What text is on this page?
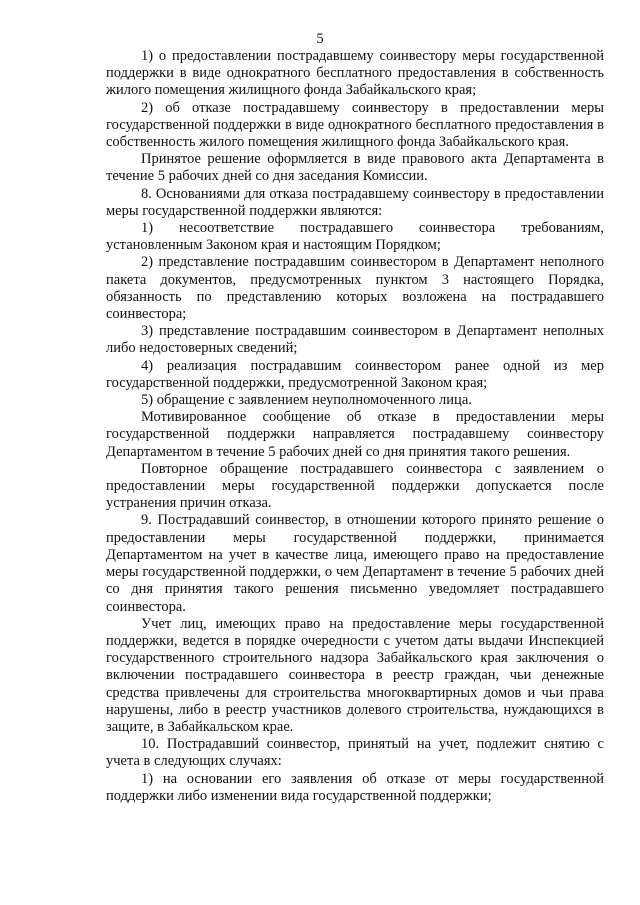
5

1) о предоставлении пострадавшему соинвестору меры государственной поддержки в виде однократного бесплатного предоставления в собственность жилого помещения жилищного фонда Забайкальского края;

2) об отказе пострадавшему соинвестору в предоставлении меры государственной поддержки в виде однократного бесплатного предоставления в собственность жилого помещения жилищного фонда Забайкальского края.

Принятое решение оформляется в виде правового акта Департамента в течение 5 рабочих дней со дня заседания Комиссии.

8. Основаниями для отказа пострадавшему соинвестору в предоставлении меры государственной поддержки являются:

1) несоответствие пострадавшего соинвестора требованиям, установленным Законом края и настоящим Порядком;

2) представление пострадавшим соинвестором в Департамент неполного пакета документов, предусмотренных пунктом 3 настоящего Порядка, обязанность по представлению которых возложена на пострадавшего соинвестора;

3) представление пострадавшим соинвестором в Департамент неполных либо недостоверных сведений;

4) реализация пострадавшим соинвестором ранее одной из мер государственной поддержки, предусмотренной Законом края;

5) обращение с заявлением неуполномоченного лица.

Мотивированное сообщение об отказе в предоставлении меры государственной поддержки направляется пострадавшему соинвестору Департаментом в течение 5 рабочих дней со дня принятия такого решения.

Повторное обращение пострадавшего соинвестора с заявлением о предоставлении меры государственной поддержки допускается после устранения причин отказа.

9. Пострадавший соинвестор, в отношении которого принято решение о предоставлении меры государственной поддержки, принимается Департаментом на учет в качестве лица, имеющего право на предоставление меры государственной поддержки, о чем Департамент в течение 5 рабочих дней со дня принятия такого решения письменно уведомляет пострадавшего соинвестора.

Учет лиц, имеющих право на предоставление меры государственной поддержки, ведется в порядке очередности с учетом даты выдачи Инспекцией государственного строительного надзора Забайкальского края заключения о включении пострадавшего соинвестора в реестр граждан, чьи денежные средства привлечены для строительства многоквартирных домов и чьи права нарушены, либо в реестр участников долевого строительства, нуждающихся в защите, в Забайкальском крае.

10. Пострадавший соинвестор, принятый на учет, подлежит снятию с учета в следующих случаях:

1) на основании его заявления об отказе от меры государственной поддержки либо изменении вида государственной поддержки;
